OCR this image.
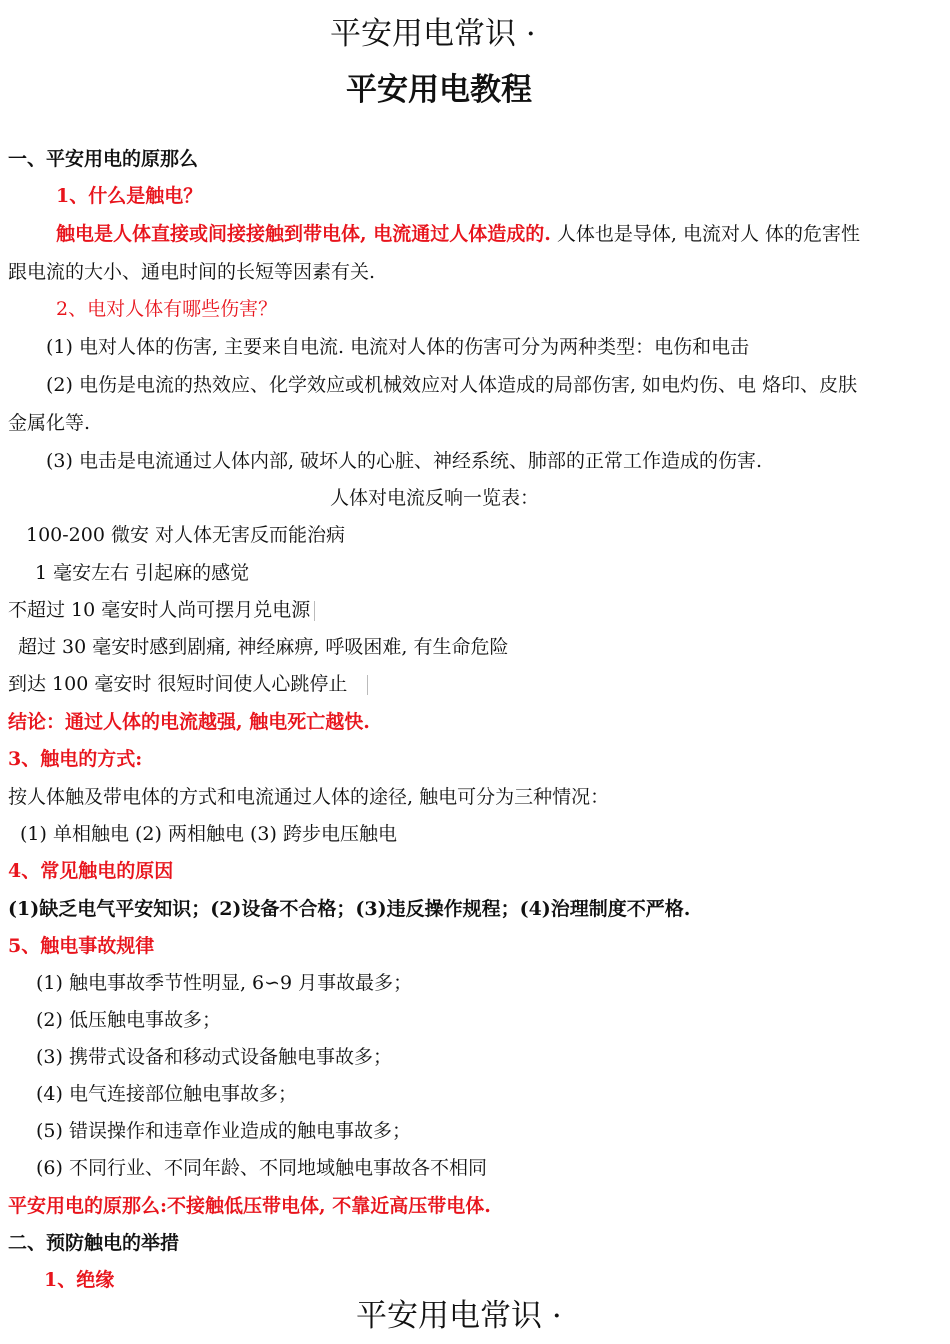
平安用电常识 ·
平安用电教程
一、平安用电的原那么
1、什么是触电？
触电是人体直接或间接接触到带电体, 电流通过人体造成的. 人体也是导体, 电流对人 体的危害性
跟电流的大小、通电时间的长短等因素有关.
2、电对人体有哪些伤害？
(1) 电对人体的伤害, 主要来自电流. 电流对人体的伤害可分为两种类型：电伤和电击
(2) 电伤是电流的热效应、化学效应或机械效应对人体造成的局部伤害, 如电灼伤、电 烙印、皮肤
金属化等.
(3) 电击是电流通过人体内部, 破坏人的心脏、神经系统、肺部的正常工作造成的伤害.
人体对电流反响一览表：
100-200 微安 对人体无害反而能治病
1 毫安左右 引起麻的感觉
不超过 10 毫安时人尚可摆月兑电源
超过 30 毫安时感到剧痛, 神经麻痹, 呼吸困难, 有生命危险
到达 100 毫安时 很短时间使人心跳停止
结论：通过人体的电流越强, 触电死亡越快.
3、触电的方式:
按人体触及带电体的方式和电流通过人体的途径, 触电可分为三种情况：
(1) 单相触电 (2) 两相触电 (3) 跨步电压触电
4、常见触电的原因
(1)缺乏电气平安知识；(2)设备不合格；(3)违反操作规程；(4)治理制度不严格.
5、触电事故规律
(1) 触电事故季节性明显, 6∽9 月事故最多；
(2) 低压触电事故多；
(3) 携带式设备和移动式设备触电事故多；
(4) 电气连接部位触电事故多；
(5) 错误操作和违章作业造成的触电事故多；
(6) 不同行业、不同年龄、不同地域触电事故各不相同
平安用电的原那么:不接触低压带电体, 不靠近高压带电体.
二、预防触电的举措
1、绝缘
平安用电常识 ·
